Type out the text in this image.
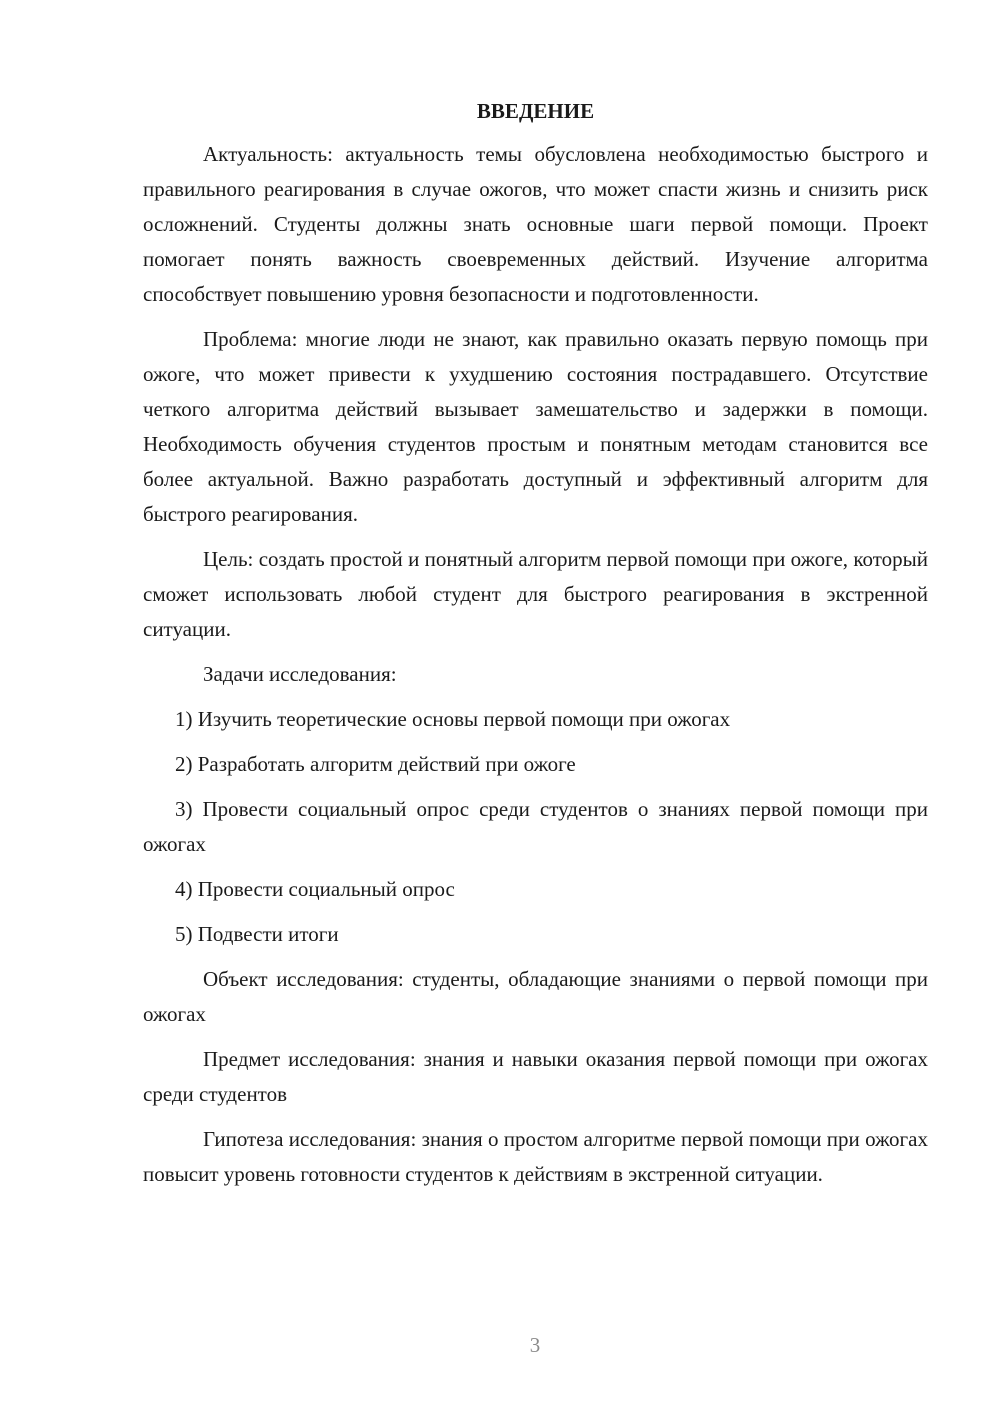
ВВЕДЕНИЕ

Актуальность: актуальность темы обусловлена необходимостью быстрого и правильного реагирования в случае ожогов, что может спасти жизнь и снизить риск осложнений. Студенты должны знать основные шаги первой помощи. Проект помогает понять важность своевременных действий. Изучение алгоритма способствует повышению уровня безопасности и подготовленности.

Проблема: многие люди не знают, как правильно оказать первую помощь при ожоге, что может привести к ухудшению состояния пострадавшего. Отсутствие четкого алгоритма действий вызывает замешательство и задержки в помощи. Необходимость обучения студентов простым и понятным методам становится все более актуальной. Важно разработать доступный и эффективный алгоритм для быстрого реагирования.

Цель: создать простой и понятный алгоритм первой помощи при ожоге, который сможет использовать любой студент для быстрого реагирования в экстренной ситуации.

Задачи исследования:

1) Изучить теоретические основы первой помощи при ожогах

2) Разработать алгоритм действий при ожоге

3) Провести социальный опрос среди студентов о знаниях первой помощи при ожогах

4) Провести социальный опрос

5) Подвести итоги

Объект исследования: студенты, обладающие знаниями о первой помощи при ожогах

Предмет исследования: знания и навыки оказания первой помощи при ожогах среди студентов

Гипотеза исследования: знания о простом алгоритме первой помощи при ожогах повысит уровень готовности студентов к действиям в экстренной ситуации.

3
